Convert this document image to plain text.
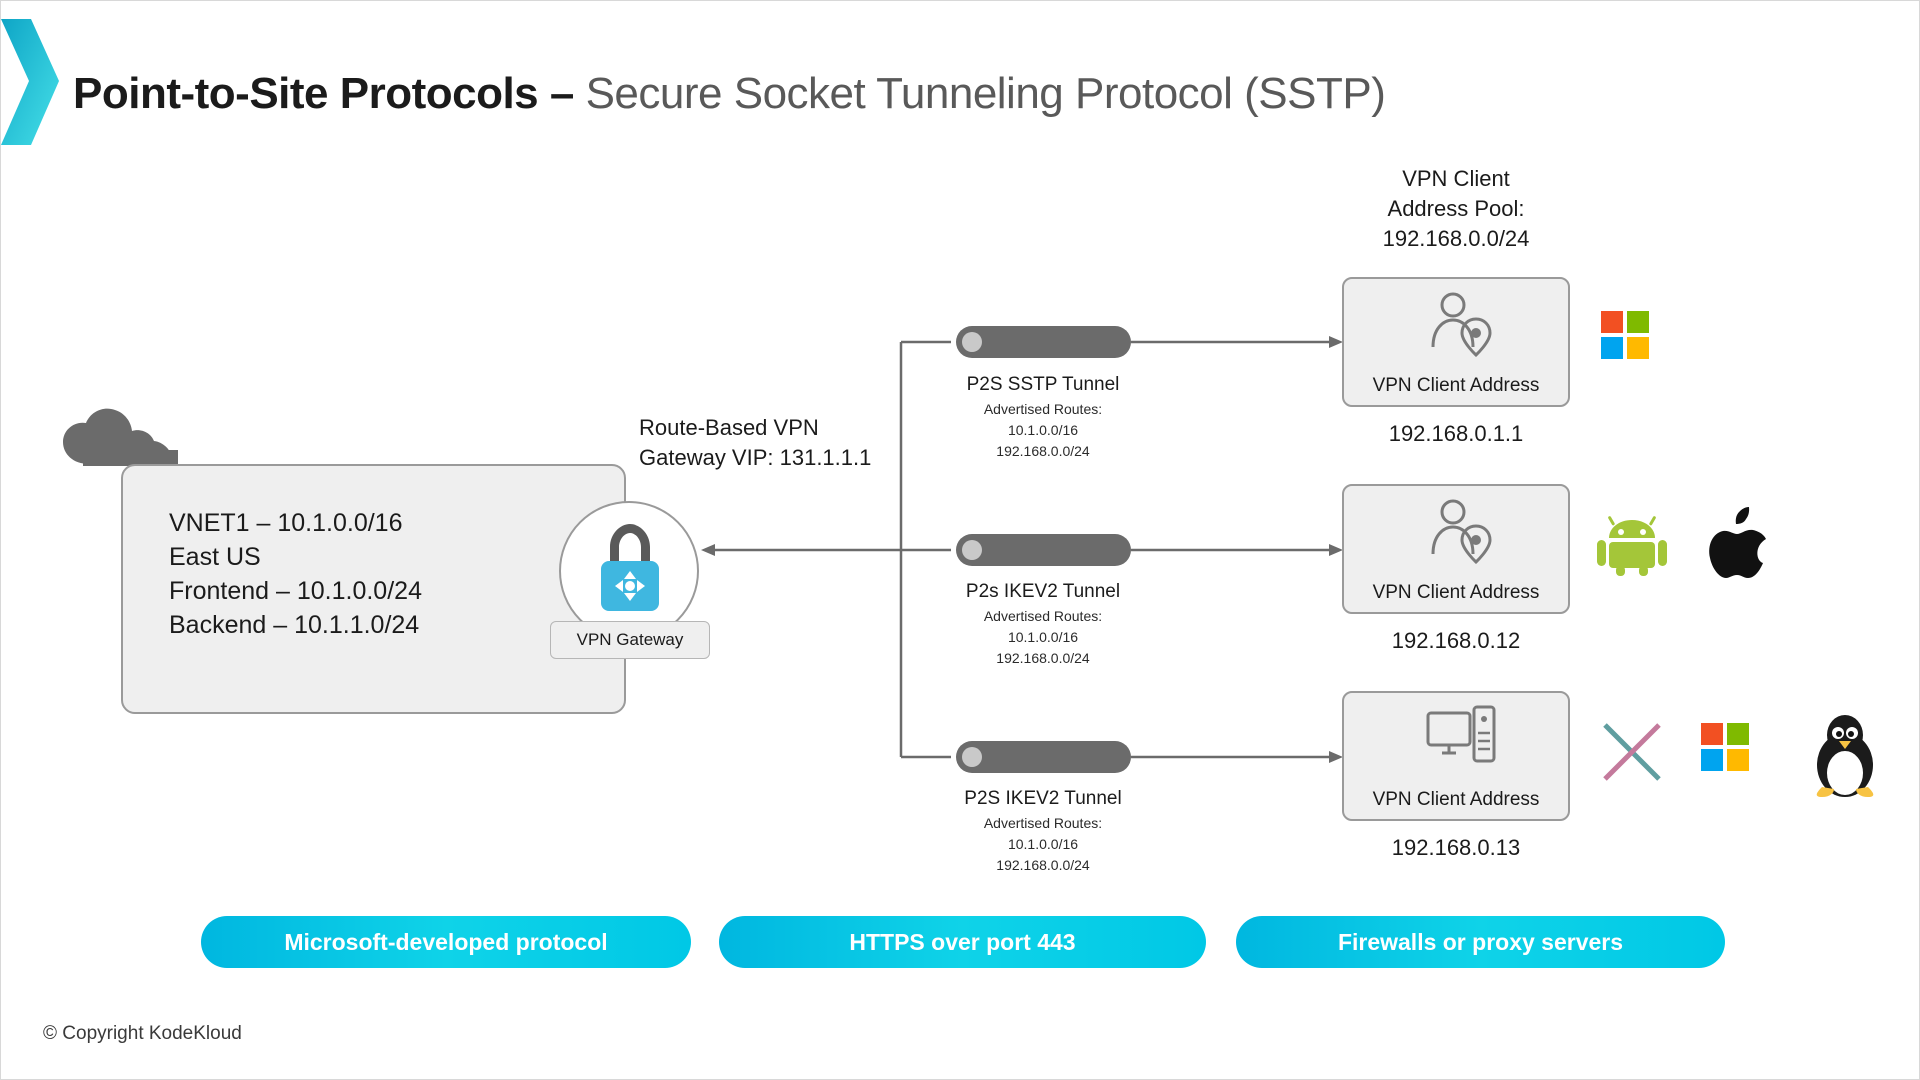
Point-to-Site Protocols – Secure Socket Tunneling Protocol (SSTP)
VNET1 – 10.1.0.0/16
East US
Frontend – 10.1.0.0/24
Backend – 10.1.1.0/24
VPN Gateway
Route-Based VPN
Gateway VIP: 131.1.1.1
P2S SSTP Tunnel
Advertised Routes:
10.1.0.0/16
192.168.0.0/24
P2s IKEV2 Tunnel
Advertised Routes:
10.1.0.0/16
192.168.0.0/24
P2S IKEV2 Tunnel
Advertised Routes:
10.1.0.0/16
192.168.0.0/24
VPN Client
Address Pool:
192.168.0.0/24
VPN Client Address
192.168.0.1.1
VPN Client Address
192.168.0.12
VPN Client Address
192.168.0.13
Microsoft-developed protocol	HTTPS over port 443	Firewalls or proxy servers
© Copyright KodeKloud
